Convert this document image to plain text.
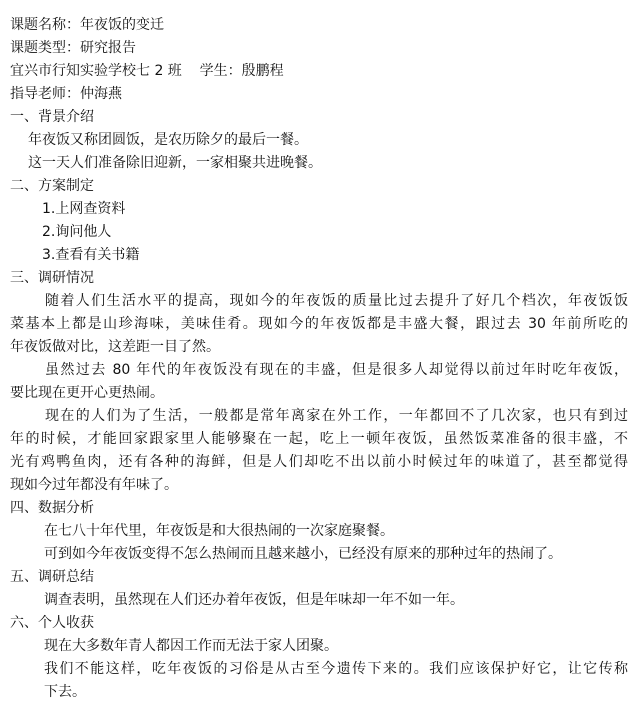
课题名称：年夜饭的变迁
课题类型：研究报告
宜兴市行知实验学校七 2 班    学生：殷鹏程
指导老师：仲海燕
一、背景介绍
年夜饭又称团圆饭，是农历除夕的最后一餐。
这一天人们准备除旧迎新，一家相聚共进晚餐。
二、方案制定
1.上网查资料
2.询问他人
3.查看有关书籍
三、调研情况
随着人们生活水平的提高，现如今的年夜饭的质量比过去提升了好几个档次，年夜饭饭
菜基本上都是山珍海味，美味佳肴。现如今的年夜饭都是丰盛大餐，跟过去 30 年前所吃的
年夜饭做对比，这差距一目了然。
虽然过去 80 年代的年夜饭没有现在的丰盛，但是很多人却觉得以前过年时吃年夜饭，
要比现在更开心更热闹。
现在的人们为了生活，一般都是常年离家在外工作，一年都回不了几次家，也只有到过
年的时候，才能回家跟家里人能够聚在一起，吃上一顿年夜饭，虽然饭菜准备的很丰盛，不
光有鸡鸭鱼肉，还有各种的海鲜，但是人们却吃不出以前小时候过年的味道了，甚至都觉得
现如今过年都没有年味了。
四、数据分析
在七八十年代里，年夜饭是和大很热闹的一次家庭聚餐。
可到如今年夜饭变得不怎么热闹而且越来越小，已经没有原来的那种过年的热闹了。
五、调研总结
调查表明，虽然现在人们还办着年夜饭，但是年味却一年不如一年。
六、个人收获
现在大多数年青人都因工作而无法于家人团聚。
我们不能这样，吃年夜饭的习俗是从古至今遗传下来的。我们应该保护好它，让它传称
下去。
